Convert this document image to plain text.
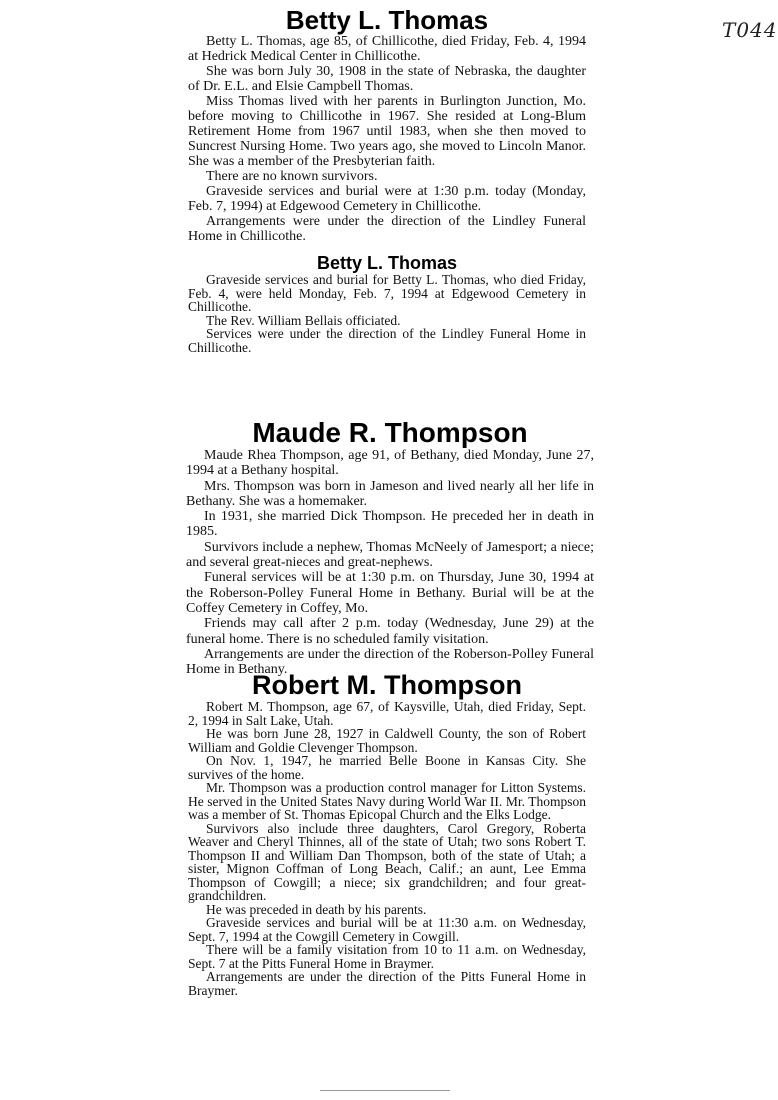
T044
Betty L. Thomas

Betty L. Thomas, age 85, of Chillicothe, died Friday, Feb. 4, 1994 at Hedrick Medical Center in Chillicothe.

She was born July 30, 1908 in the state of Nebraska, the daughter of Dr. E.L. and Elsie Campbell Thomas.

Miss Thomas lived with her parents in Burlington Junction, Mo. before moving to Chillicothe in 1967. She resided at Long-Blum Retirement Home from 1967 until 1983, when she then moved to Suncrest Nursing Home. Two years ago, she moved to Lincoln Manor. She was a member of the Presbyterian faith.

There are no known survivors.

Graveside services and burial were at 1:30 p.m. today (Monday, Feb. 7, 1994) at Edgewood Cemetery in Chillicothe.

Arrangements were under the direction of the Lindley Funeral Home in Chillicothe.

Betty L. Thomas

Graveside services and burial for Betty L. Thomas, who died Friday, Feb. 4, were held Monday, Feb. 7, 1994 at Edgewood Cemetery in Chillicothe.

The Rev. William Bellais officiated.

Services were under the direction of the Lindley Funeral Home in Chillicothe.

Maude R. Thompson

Maude Rhea Thompson, age 91, of Bethany, died Monday, June 27, 1994 at a Bethany hospital.

Mrs. Thompson was born in Jameson and lived nearly all her life in Bethany. She was a homemaker.

In 1931, she married Dick Thompson. He preceded her in death in 1985.

Survivors include a nephew, Thomas McNeely of Jamesport; a niece; and several great-nieces and great-nephews.

Funeral services will be at 1:30 p.m. on Thursday, June 30, 1994 at the Roberson-Polley Funeral Home in Bethany. Burial will be at the Coffey Cemetery in Coffey, Mo.

Friends may call after 2 p.m. today (Wednesday, June 29) at the funeral home. There is no scheduled family visitation.

Arrangements are under the direction of the Roberson-Polley Funeral Home in Bethany.

Robert M. Thompson

Robert M. Thompson, age 67, of Kaysville, Utah, died Friday, Sept. 2, 1994 in Salt Lake, Utah.

He was born June 28, 1927 in Caldwell County, the son of Robert William and Goldie Clevenger Thompson.

On Nov. 1, 1947, he married Belle Boone in Kansas City. She survives of the home.

Mr. Thompson was a production control manager for Litton Systems. He served in the United States Navy during World War II. Mr. Thompson was a member of St. Thomas Epicopal Church and the Elks Lodge.

Survivors also include three daughters, Carol Gregory, Roberta Weaver and Cheryl Thinnes, all of the state of Utah; two sons Robert T. Thompson II and William Dan Thompson, both of the state of Utah; a sister, Mignon Coffman of Long Beach, Calif.; an aunt, Lee Emma Thompson of Cowgill; a niece; six grandchildren; and four great-grandchildren.

He was preceded in death by his parents.

Graveside services and burial will be at 11:30 a.m. on Wednesday, Sept. 7, 1994 at the Cowgill Cemetery in Cowgill.

There will be a family visitation from 10 to 11 a.m. on Wednesday, Sept. 7 at the Pitts Funeral Home in Braymer.

Arrangements are under the direction of the Pitts Funeral Home in Braymer.
